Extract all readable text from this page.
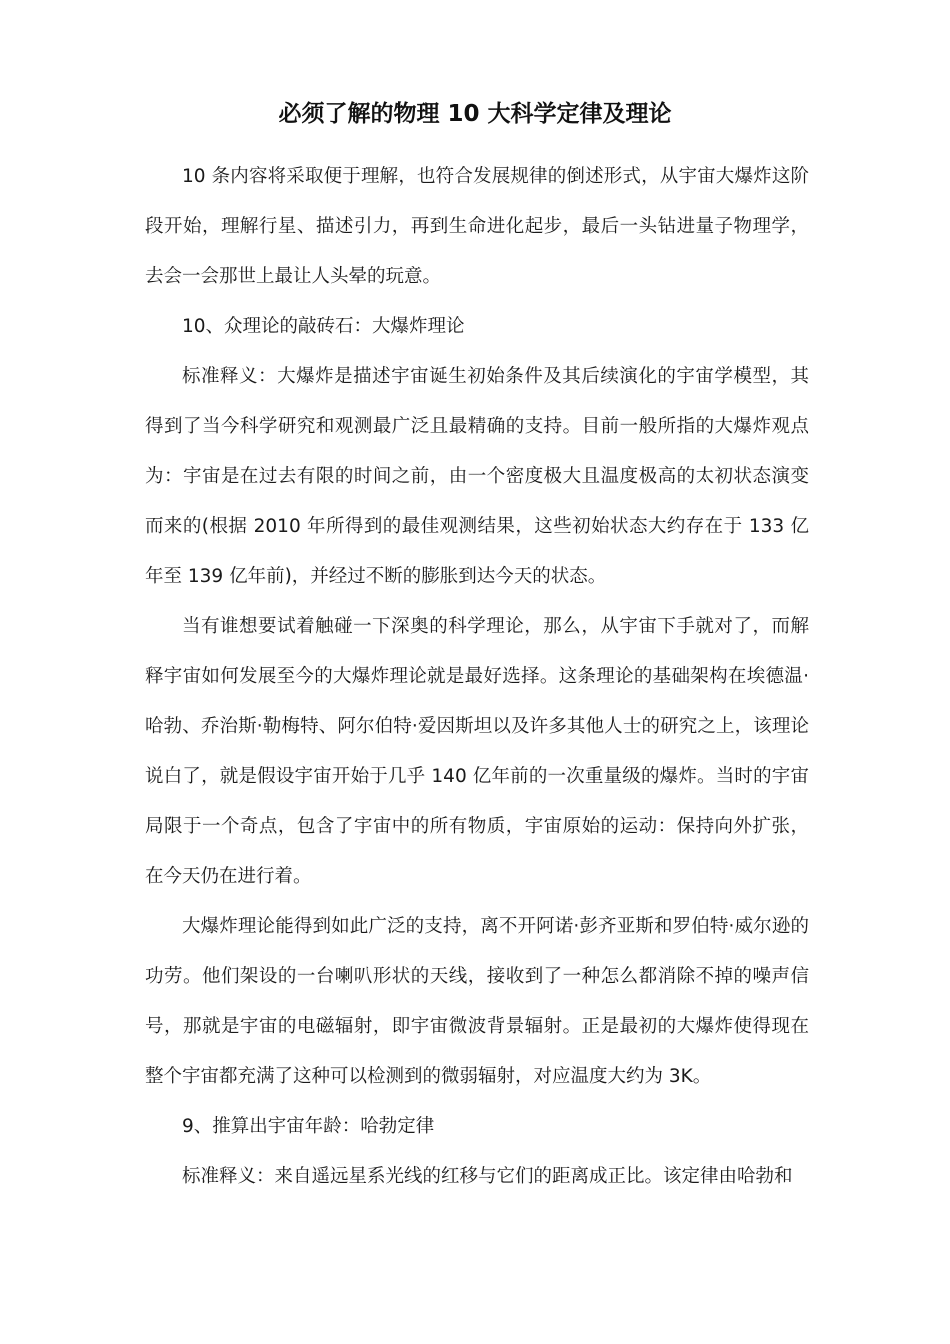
必须了解的物理 10 大科学定律及理论

10 条内容将采取便于理解，也符合发展规律的倒述形式，从宇宙大爆炸这阶段开始，理解行星、描述引力，再到生命进化起步，最后一头钻进量子物理学，去会一会那世上最让人头晕的玩意。

10、众理论的敲砖石：大爆炸理论

标准释义：大爆炸是描述宇宙诞生初始条件及其后续演化的宇宙学模型，其得到了当今科学研究和观测最广泛且最精确的支持。目前一般所指的大爆炸观点为：宇宙是在过去有限的时间之前，由一个密度极大且温度极高的太初状态演变而来的(根据 2010 年所得到的最佳观测结果，这些初始状态大约存在于 133 亿年至 139 亿年前)，并经过不断的膨胀到达今天的状态。

当有谁想要试着触碰一下深奥的科学理论，那么，从宇宙下手就对了，而解释宇宙如何发展至今的大爆炸理论就是最好选择。这条理论的基础架构在埃德温·哈勃、乔治斯·勒梅特、阿尔伯特·爱因斯坦以及许多其他人士的研究之上，该理论说白了，就是假设宇宙开始于几乎 140 亿年前的一次重量级的爆炸。当时的宇宙局限于一个奇点，包含了宇宙中的所有物质，宇宙原始的运动：保持向外扩张，在今天仍在进行着。

大爆炸理论能得到如此广泛的支持，离不开阿诺·彭齐亚斯和罗伯特·威尔逊的功劳。他们架设的一台喇叭形状的天线，接收到了一种怎么都消除不掉的噪声信号，那就是宇宙的电磁辐射，即宇宙微波背景辐射。正是最初的大爆炸使得现在整个宇宙都充满了这种可以检测到的微弱辐射，对应温度大约为 3K。

9、推算出宇宙年龄：哈勃定律

标准释义：来自遥远星系光线的红移与它们的距离成正比。该定律由哈勃和
